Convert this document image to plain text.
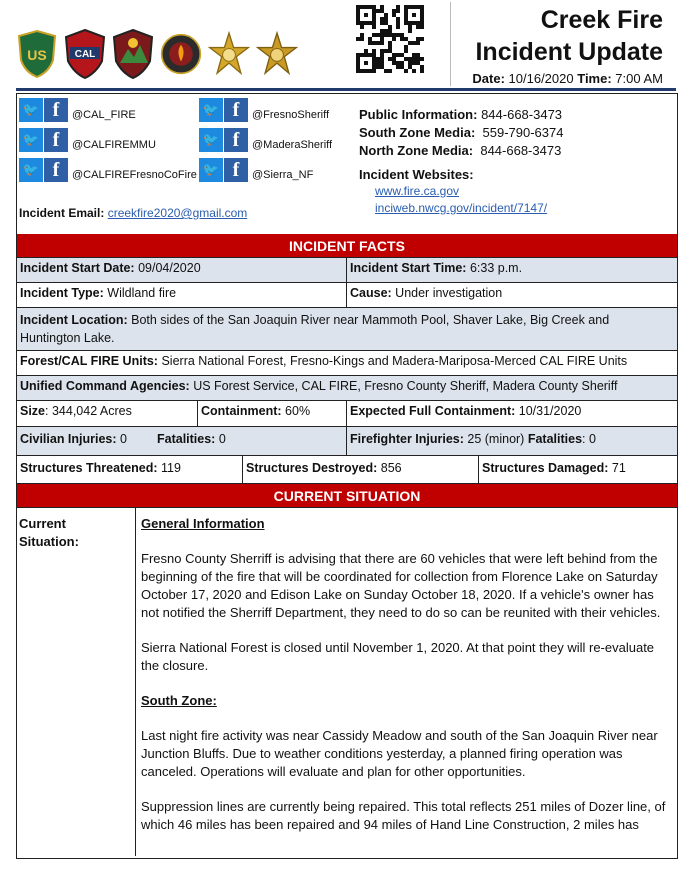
US	CAL
Creek Fire
Incident Update
Date: 10/16/2020 Time: 7:00 AM
🐦 f	@CAL_FIRE
🐦 f	@CALFIREMMU
🐦 f	@CALFIREFresnoCoFire
🐦 f	@FresnoSheriff
🐦 f	@MaderaSheriff
🐦 f	@Sierra_NF
Incident Email: creekfire2020@gmail.com
Public Information: 844-668-3473
South Zone Media: 559-790-6374
North Zone Media: 844-668-3473
Incident Websites:
www.fire.ca.gov
inciweb.nwcg.gov/incident/7147/
INCIDENT FACTS
Incident Start Date: 09/04/2020	Incident Start Time: 6:33 p.m.
Incident Type: Wildland fire	Cause: Under investigation
Incident Location: Both sides of the San Joaquin River near Mammoth Pool, Shaver Lake, Big Creek and Huntington Lake.
Forest/CAL FIRE Units: Sierra National Forest, Fresno-Kings and Madera-Mariposa-Merced CAL FIRE Units
Unified Command Agencies: US Forest Service, CAL FIRE, Fresno County Sheriff, Madera County Sheriff
Size: 344,042 Acres	Containment: 60%	Expected Full Containment: 10/31/2020
Civilian Injuries: 0 Fatalities: 0	Firefighter Injuries: 25 (minor) Fatalities: 0
Structures Threatened: 119	Structures Destroyed: 856	Structures Damaged: 71
CURRENT SITUATION
Current Situation:

General Information

Fresno County Sherriff is advising that there are 60 vehicles that were left behind from the beginning of the fire that will be coordinated for collection from Florence Lake on Saturday October 17, 2020 and Edison Lake on Sunday October 18, 2020. If a vehicle's owner has not notified the Sherriff Department, they need to do so can be reunited with their vehicles.

Sierra National Forest is closed until November 1, 2020. At that point they will re-evaluate the closure.

South Zone:

Last night fire activity was near Cassidy Meadow and south of the San Joaquin River near Junction Bluffs. Due to weather conditions yesterday, a planned firing operation was canceled. Operations will evaluate and plan for other opportunities.

Suppression lines are currently being repaired. This total reflects 251 miles of Dozer line, of which 46 miles has been repaired and 94 miles of Hand Line Construction, 2 miles has
